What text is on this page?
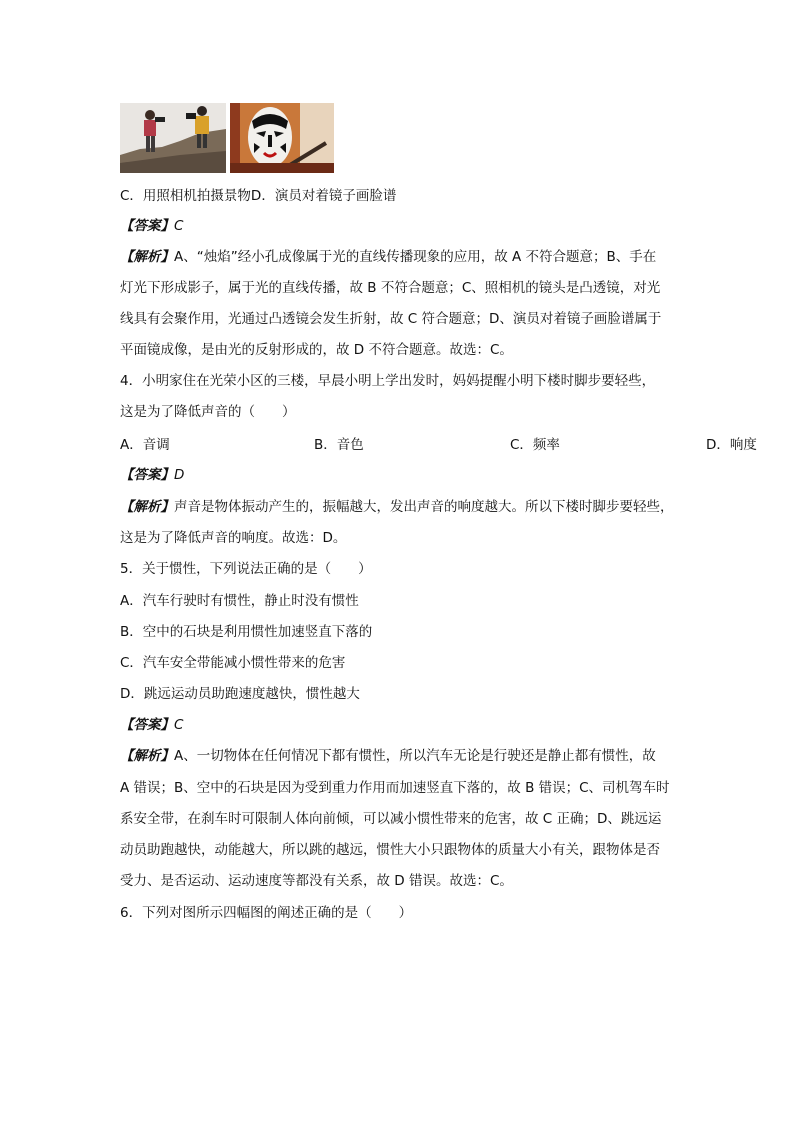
C．用照相机拍摄景物D．演员对着镜子画脸谱
【答案】C
【解析】A、“烛焰”经小孔成像属于光的直线传播现象的应用，故 A 不符合题意；B、手在
灯光下形成影子，属于光的直线传播，故 B 不符合题意；C、照相机的镜头是凸透镜，对光
线具有会聚作用，光通过凸透镜会发生折射，故 C 符合题意；D、演员对着镜子画脸谱属于
平面镜成像，是由光的反射形成的，故 D 不符合题意。故选：C。
4．小明家住在光荣小区的三楼，早晨小明上学出发时，妈妈提醒小明下楼时脚步要轻些，
这是为了降低声音的（　　）
A．音调	B．音色	C．频率	D．响度
【答案】D
【解析】声音是物体振动产生的，振幅越大，发出声音的响度越大。所以下楼时脚步要轻些，
这是为了降低声音的响度。故选：D。
5．关于惯性，下列说法正确的是（　　）
A．汽车行驶时有惯性，静止时没有惯性
B．空中的石块是利用惯性加速竖直下落的
C．汽车安全带能减小惯性带来的危害
D．跳远运动员助跑速度越快，惯性越大
【答案】C
【解析】A、一切物体在任何情况下都有惯性，所以汽车无论是行驶还是静止都有惯性，故
A 错误；B、空中的石块是因为受到重力作用而加速竖直下落的，故 B 错误；C、司机驾车时
系安全带，在刹车时可限制人体向前倾，可以减小惯性带来的危害，故 C 正确；D、跳远运
动员助跑越快，动能越大，所以跳的越远，惯性大小只跟物体的质量大小有关，跟物体是否
受力、是否运动、运动速度等都没有关系，故 D 错误。故选：C。
6．下列对图所示四幅图的阐述正确的是（　　）
